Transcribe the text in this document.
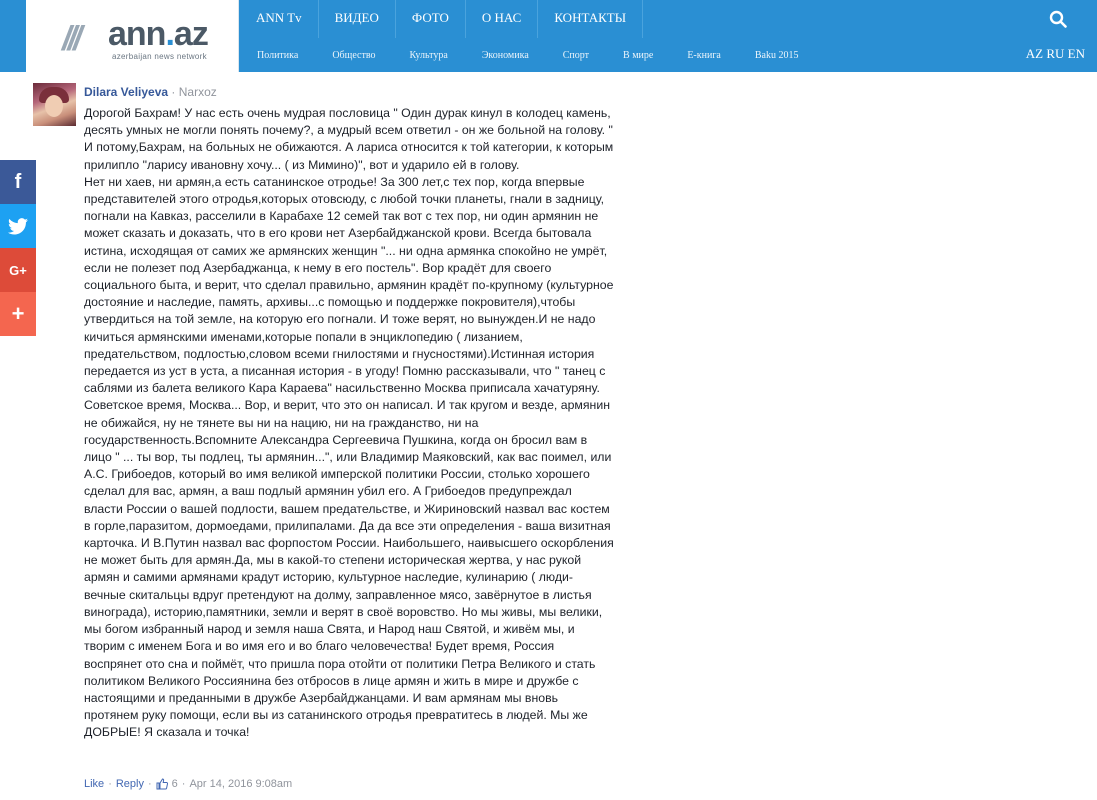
/// ann.az
azerbaijan news network
ANN Tv	ВИДЕО	ФОТО	О НАС	КОНТАКТЫ
Политика	Общество	Культура	Экономика	Спорт	В мире	E-книга	Baku 2015	AZ RU EN
f
G+
+
Dilara Veliyeva · Narxoz

Дорогой Бахрам! У нас есть очень мудрая пословица " Один дурак кинул в колодец камень, десять умных не могли понять почему?, а мудрый всем ответил - он же больной на голову. " И потому,Бахрам, на больных не обижаются. А лариса относится к той категории, к которым прилипло "ларису ивановну хочу... ( из Мимино)", вот и ударило ей в голову.

Нет ни хаев, ни армян,а есть сатанинское отродье! За 300 лет,с тех пор, когда впервые представителей этого отродья,которых отовсюду, с любой точки планеты, гнали в задницу, погнали на Кавказ, расселили в Карабахе 12 семей так вот с тех пор, ни один армянин не может сказать и доказать, что в его крови нет Азербайджанской крови. Всегда бытовала истина, исходящая от самих же армянских женщин "... ни одна армянка спокойно не умрёт, если не полезет под Азербаджанца, к нему в его постель". Вор крадёт для своего социального быта, и верит, что сделал правильно, армянин крадёт по-крупному (культурное достояние и наследие, память, архивы...с помощью и поддержке покровителя),чтобы утвердиться на той земле, на которую его погнали. И тоже верят, но вынужден.И не надо кичиться армянскими именами,которые попали в энциклопедию ( лизанием, предательством, подлостью,словом всеми гнилостями и гнусностями).Истинная история передается из уст в уста, а писанная история - в угоду! Помню рассказывали, что " танец с саблями из балета великого Кара Караева" насильственно Москва приписала хачатуряну. Советское время, Москва... Вор, и верит, что это он написал. И так кругом и везде, армянин не обижайся, ну не тянете вы ни на нацию, ни на гражданство, ни на государственность.Вспомните Александра Сергеевича Пушкина, когда он бросил вам в лицо " ... ты вор, ты подлец, ты армянин...", или Владимир Маяковский, как вас поимел, или А.С. Грибоедов, который во имя великой имперской политики России, столько хорошего сделал для вас, армян, а ваш подлый армянин убил его. А Грибоедов предупреждал власти России о вашей подлости, вашем предательстве, и Жириновский назвал вас костем в горле,паразитом, дормоедами, прилипалами. Да да все эти определения - ваша визитная карточка. И В.Путин назвал вас форпостом России. Наибольшего, наивысшего оскорбления не может быть для армян.Да, мы в какой-то степени историческая жертва, у нас рукой армян и самими армянами крадут историю, культурное наследие, кулинарию ( люди- вечные скитальцы вдруг претендуют на долму, заправленное мясо, завёрнутое в листья винограда), историю,памятники, земли и верят в своё воровство. Но мы живы, мы велики, мы богом избранный народ и земля наша Свята, и Народ наш Святой, и живём мы, и творим с именем Бога и во имя его и во благо человечества! Будет время, Россия воспрянет ото сна и поймёт, что пришла пора отойти от политики Петра Великого и стать политиком Великого Россиянина без отбросов в лице армян и жить в мире и дружбе с настоящими и преданными в дружбе Азербайджанцами. И вам армянам мы вновь протянем руку помощи, если вы из сатанинского отродья превратитесь в людей. Мы же ДОБРЫЕ! Я сказала и точка!

Like · Reply · 6 · Apr 14, 2016 9:08am
